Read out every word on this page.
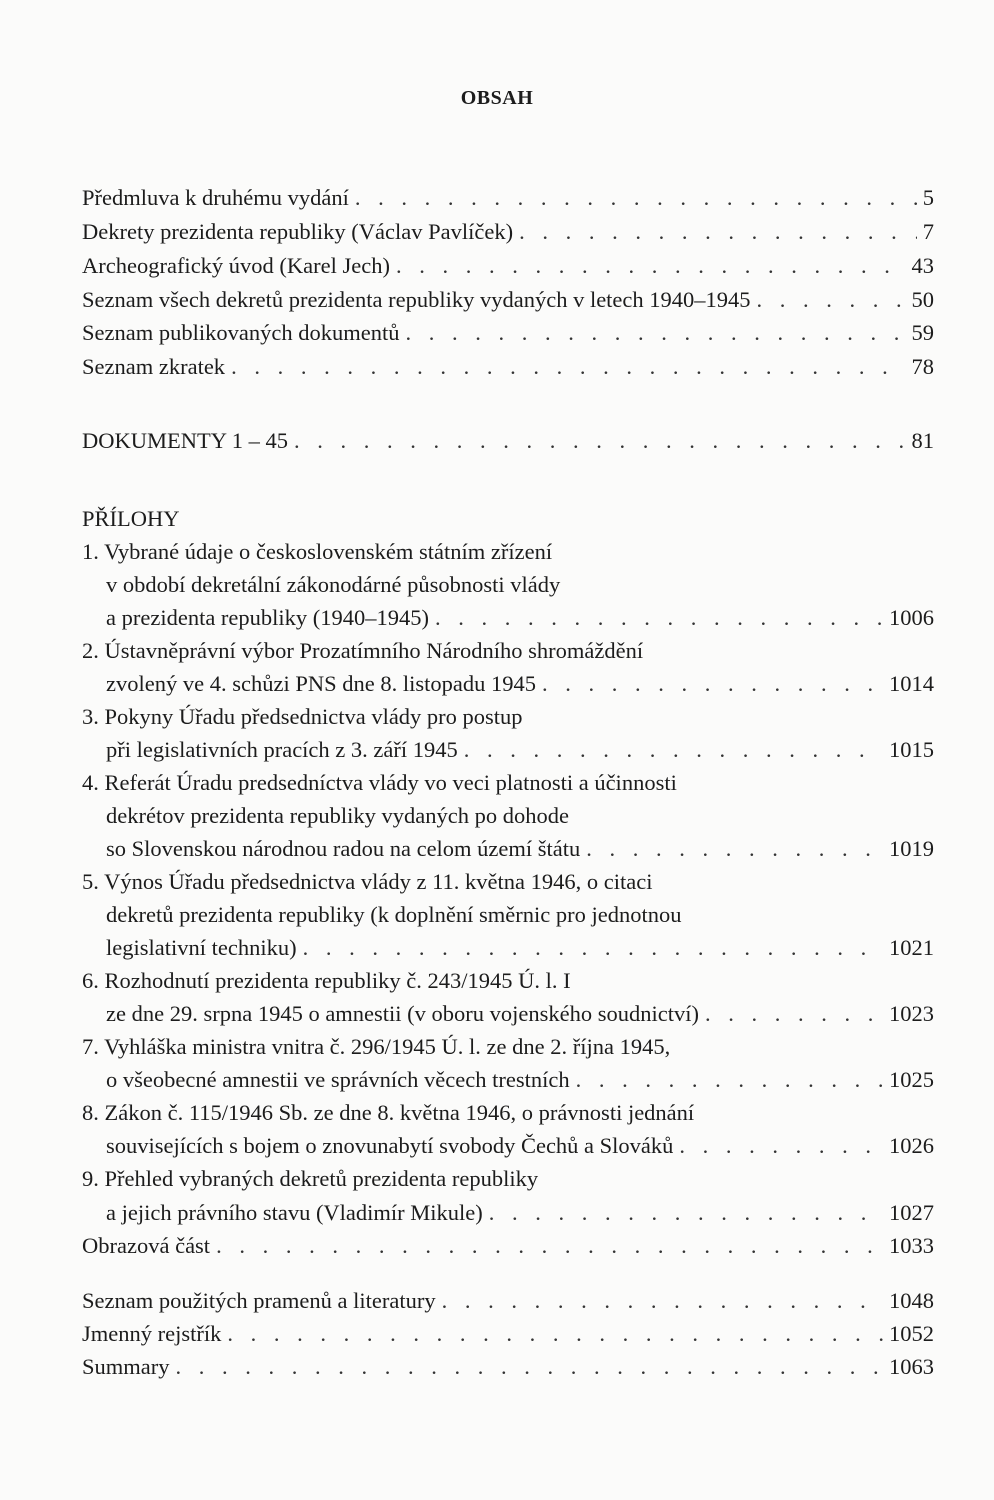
OBSAH
Předmluva k druhému vydání . . .	5
Dekrety prezidenta republiky (Václav Pavlíček) . . .	7
Archeografický úvod (Karel Jech) . . .	43
Seznam všech dekretů prezidenta republiky vydaných v letech 1940–1945 . . .	50
Seznam publikovaných dokumentů . . .	59
Seznam zkratek . . .	78
DOKUMENTY 1 – 45 . . .	81
PŘÍLOHY
1. Vybrané údaje o československém státním zřízení
v období dekretální zákonodárné působnosti vlády
a prezidenta republiky (1940–1945) . . .	1006
2. Ústavněprávní výbor Prozatímního Národního shromáždění
zvolený ve 4. schůzi PNS dne 8. listopadu 1945 . . .	1014
3. Pokyny Úřadu předsednictva vlády pro postup
při legislativních pracích z 3. září 1945 . . .	1015
4. Referát Úradu predsedníctva vlády vo veci platnosti a účinnosti
dekrétov prezidenta republiky vydaných po dohode
so Slovenskou národnou radou na celom území štátu . . .	1019
5. Výnos Úřadu předsednictva vlády z 11. května 1946, o citaci
dekretů prezidenta republiky (k doplnění směrnic pro jednotnou
legislativní techniku) . . .	1021
6. Rozhodnutí prezidenta republiky č. 243/1945 Ú. l. I
ze dne 29. srpna 1945 o amnestii (v oboru vojenského soudnictví) . . .	1023
7. Vyhláška ministra vnitra č. 296/1945 Ú. l. ze dne 2. října 1945,
o všeobecné amnestii ve správních věcech trestních . . .	1025
8. Zákon č. 115/1946 Sb. ze dne 8. května 1946, o právnosti jednání
souvisejících s bojem o znovunabytí svobody Čechů a Slováků . . .	1026
9. Přehled vybraných dekretů prezidenta republiky
a jejich právního stavu (Vladimír Mikule) . . .	1027
Obrazová část . . .	1033
Seznam použitých pramenů a literatury . . .	1048
Jmenný rejstřík . . .	1052
Summary . . .	1063
